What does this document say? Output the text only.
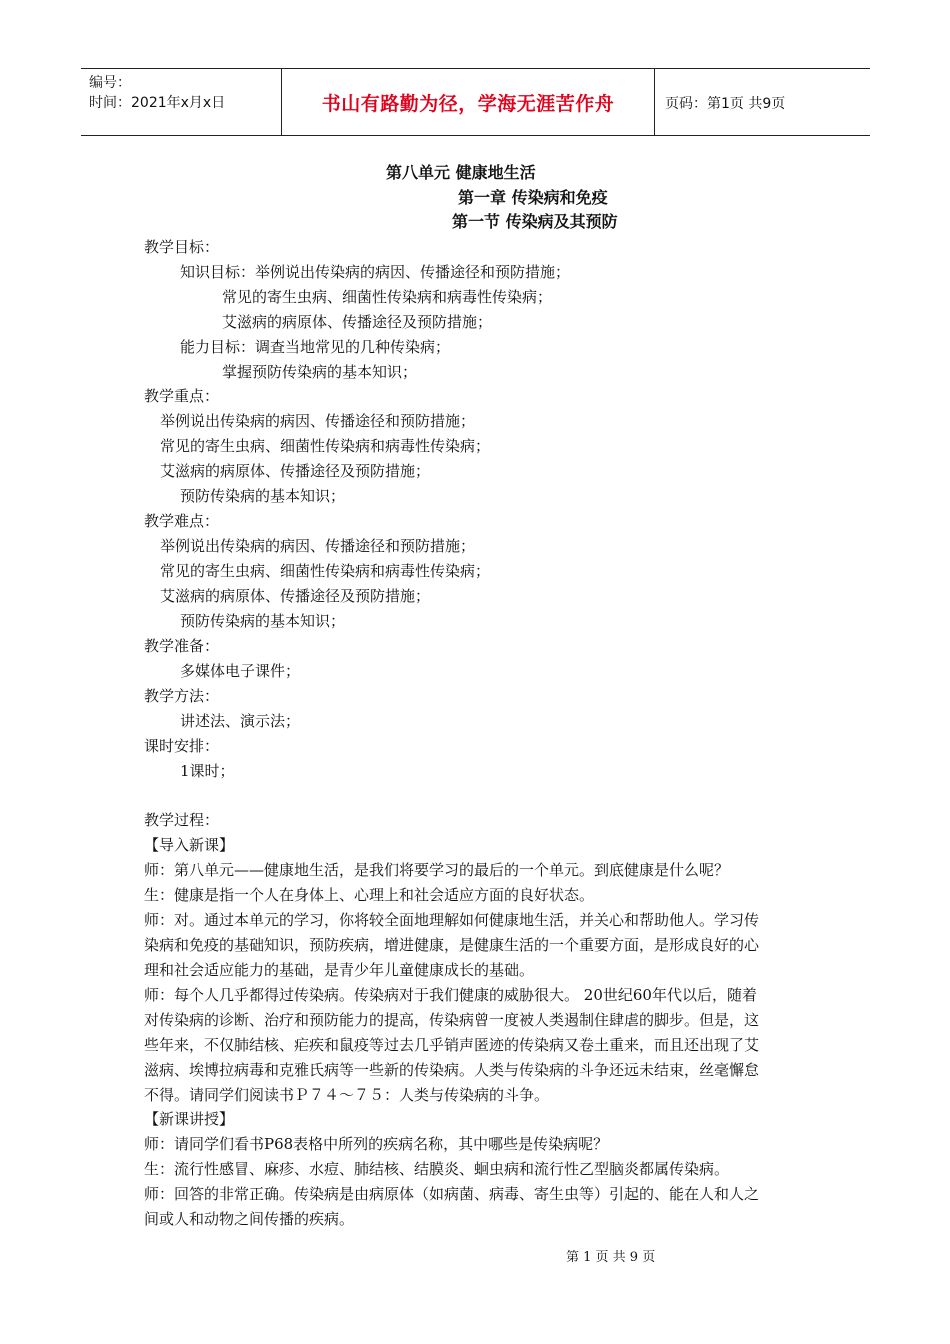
编号：
时间：2021年x月x日	书山有路勤为径，学海无涯苦作舟	页码：第1页 共9页
第八单元 健康地生活
第一章 传染病和免疫
第一节 传染病及其预防
教学目标：
知识目标：举例说出传染病的病因、传播途径和预防措施；
常见的寄生虫病、细菌性传染病和病毒性传染病；
艾滋病的病原体、传播途径及预防措施；
能力目标：调查当地常见的几种传染病；
掌握预防传染病的基本知识；
教学重点：
举例说出传染病的病因、传播途径和预防措施；
常见的寄生虫病、细菌性传染病和病毒性传染病；
艾滋病的病原体、传播途径及预防措施；
预防传染病的基本知识；
教学难点：
举例说出传染病的病因、传播途径和预防措施；
常见的寄生虫病、细菌性传染病和病毒性传染病；
艾滋病的病原体、传播途径及预防措施；
预防传染病的基本知识；
教学准备：
多媒体电子课件；
教学方法：
讲述法、演示法；
课时安排：
1课时；
教学过程：
【导入新课】
师：第八单元——健康地生活，是我们将要学习的最后的一个单元。到底健康是什么呢？
生：健康是指一个人在身体上、心理上和社会适应方面的良好状态。
师：对。通过本单元的学习，你将较全面地理解如何健康地生活，并关心和帮助他人。学习传
染病和免疫的基础知识，预防疾病，增进健康，是健康生活的一个重要方面，是形成良好的心
理和社会适应能力的基础，是青少年儿童健康成长的基础。
师：每个人几乎都得过传染病。传染病对于我们健康的威胁很大。 20世纪60年代以后，随着
对传染病的诊断、治疗和预防能力的提高，传染病曾一度被人类遏制住肆虐的脚步。但是，这
些年来，不仅肺结核、疟疾和鼠疫等过去几乎销声匿迹的传染病又卷土重来，而且还出现了艾
滋病、埃博拉病毒和克雅氏病等一些新的传染病。人类与传染病的斗争还远未结束，丝毫懈怠
不得。请同学们阅读书Ｐ７４～７５：人类与传染病的斗争。
【新课讲授】
师：请同学们看书P68表格中所列的疾病名称，其中哪些是传染病呢？
生：流行性感冒、麻疹、水痘、肺结核、结膜炎、蛔虫病和流行性乙型脑炎都属传染病。
师：回答的非常正确。传染病是由病原体（如病菌、病毒、寄生虫等）引起的、能在人和人之
间或人和动物之间传播的疾病。
第 1 页 共 9 页
